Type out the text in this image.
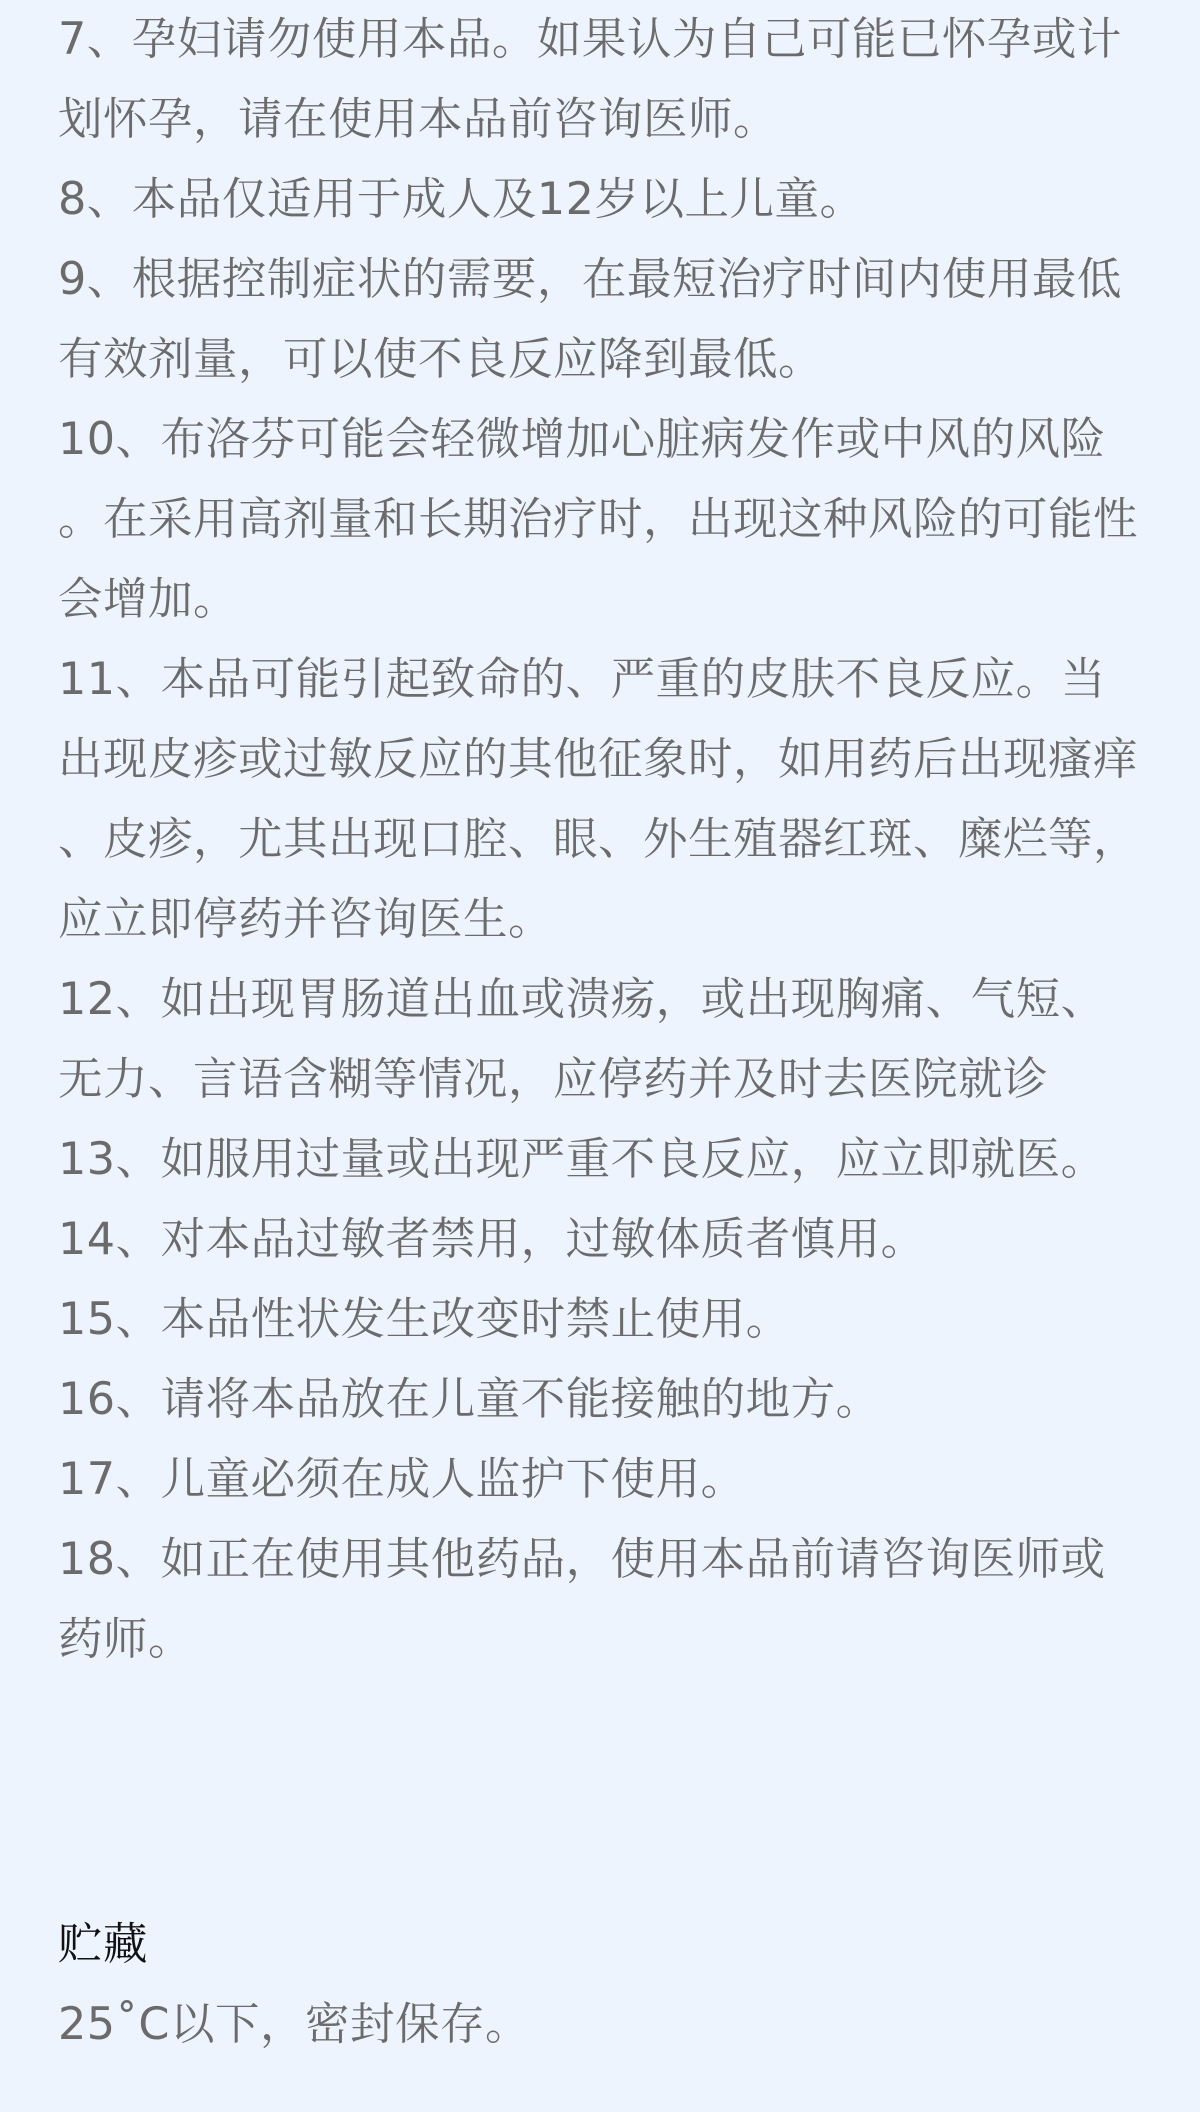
7、孕妇请勿使用本品。如果认为自己可能已怀孕或计划怀孕，请在使用本品前咨询医师。
8、本品仅适用于成人及12岁以上儿童。
9、根据控制症状的需要，在最短治疗时间内使用最低有效剂量，可以使不良反应降到最低。
10、布洛芬可能会轻微增加心脏病发作或中风的风险。在采用高剂量和长期治疗时，出现这种风险的可能性会增加。
11、本品可能引起致命的、严重的皮肤不良反应。当出现皮疹或过敏反应的其他征象时，如用药后出现瘙痒、皮疹，尤其出现口腔、眼、外生殖器红斑、糜烂等，应立即停药并咨询医生。
12、如出现胃肠道出血或溃疡，或出现胸痛、气短、无力、言语含糊等情况，应停药并及时去医院就诊
13、如服用过量或出现严重不良反应，应立即就医。
14、对本品过敏者禁用，过敏体质者慎用。
15、本品性状发生改变时禁止使用。
16、请将本品放在儿童不能接触的地方。
17、儿童必须在成人监护下使用。
18、如正在使用其他药品，使用本品前请咨询医师或药师。
贮藏

25˚C以下，密封保存。
